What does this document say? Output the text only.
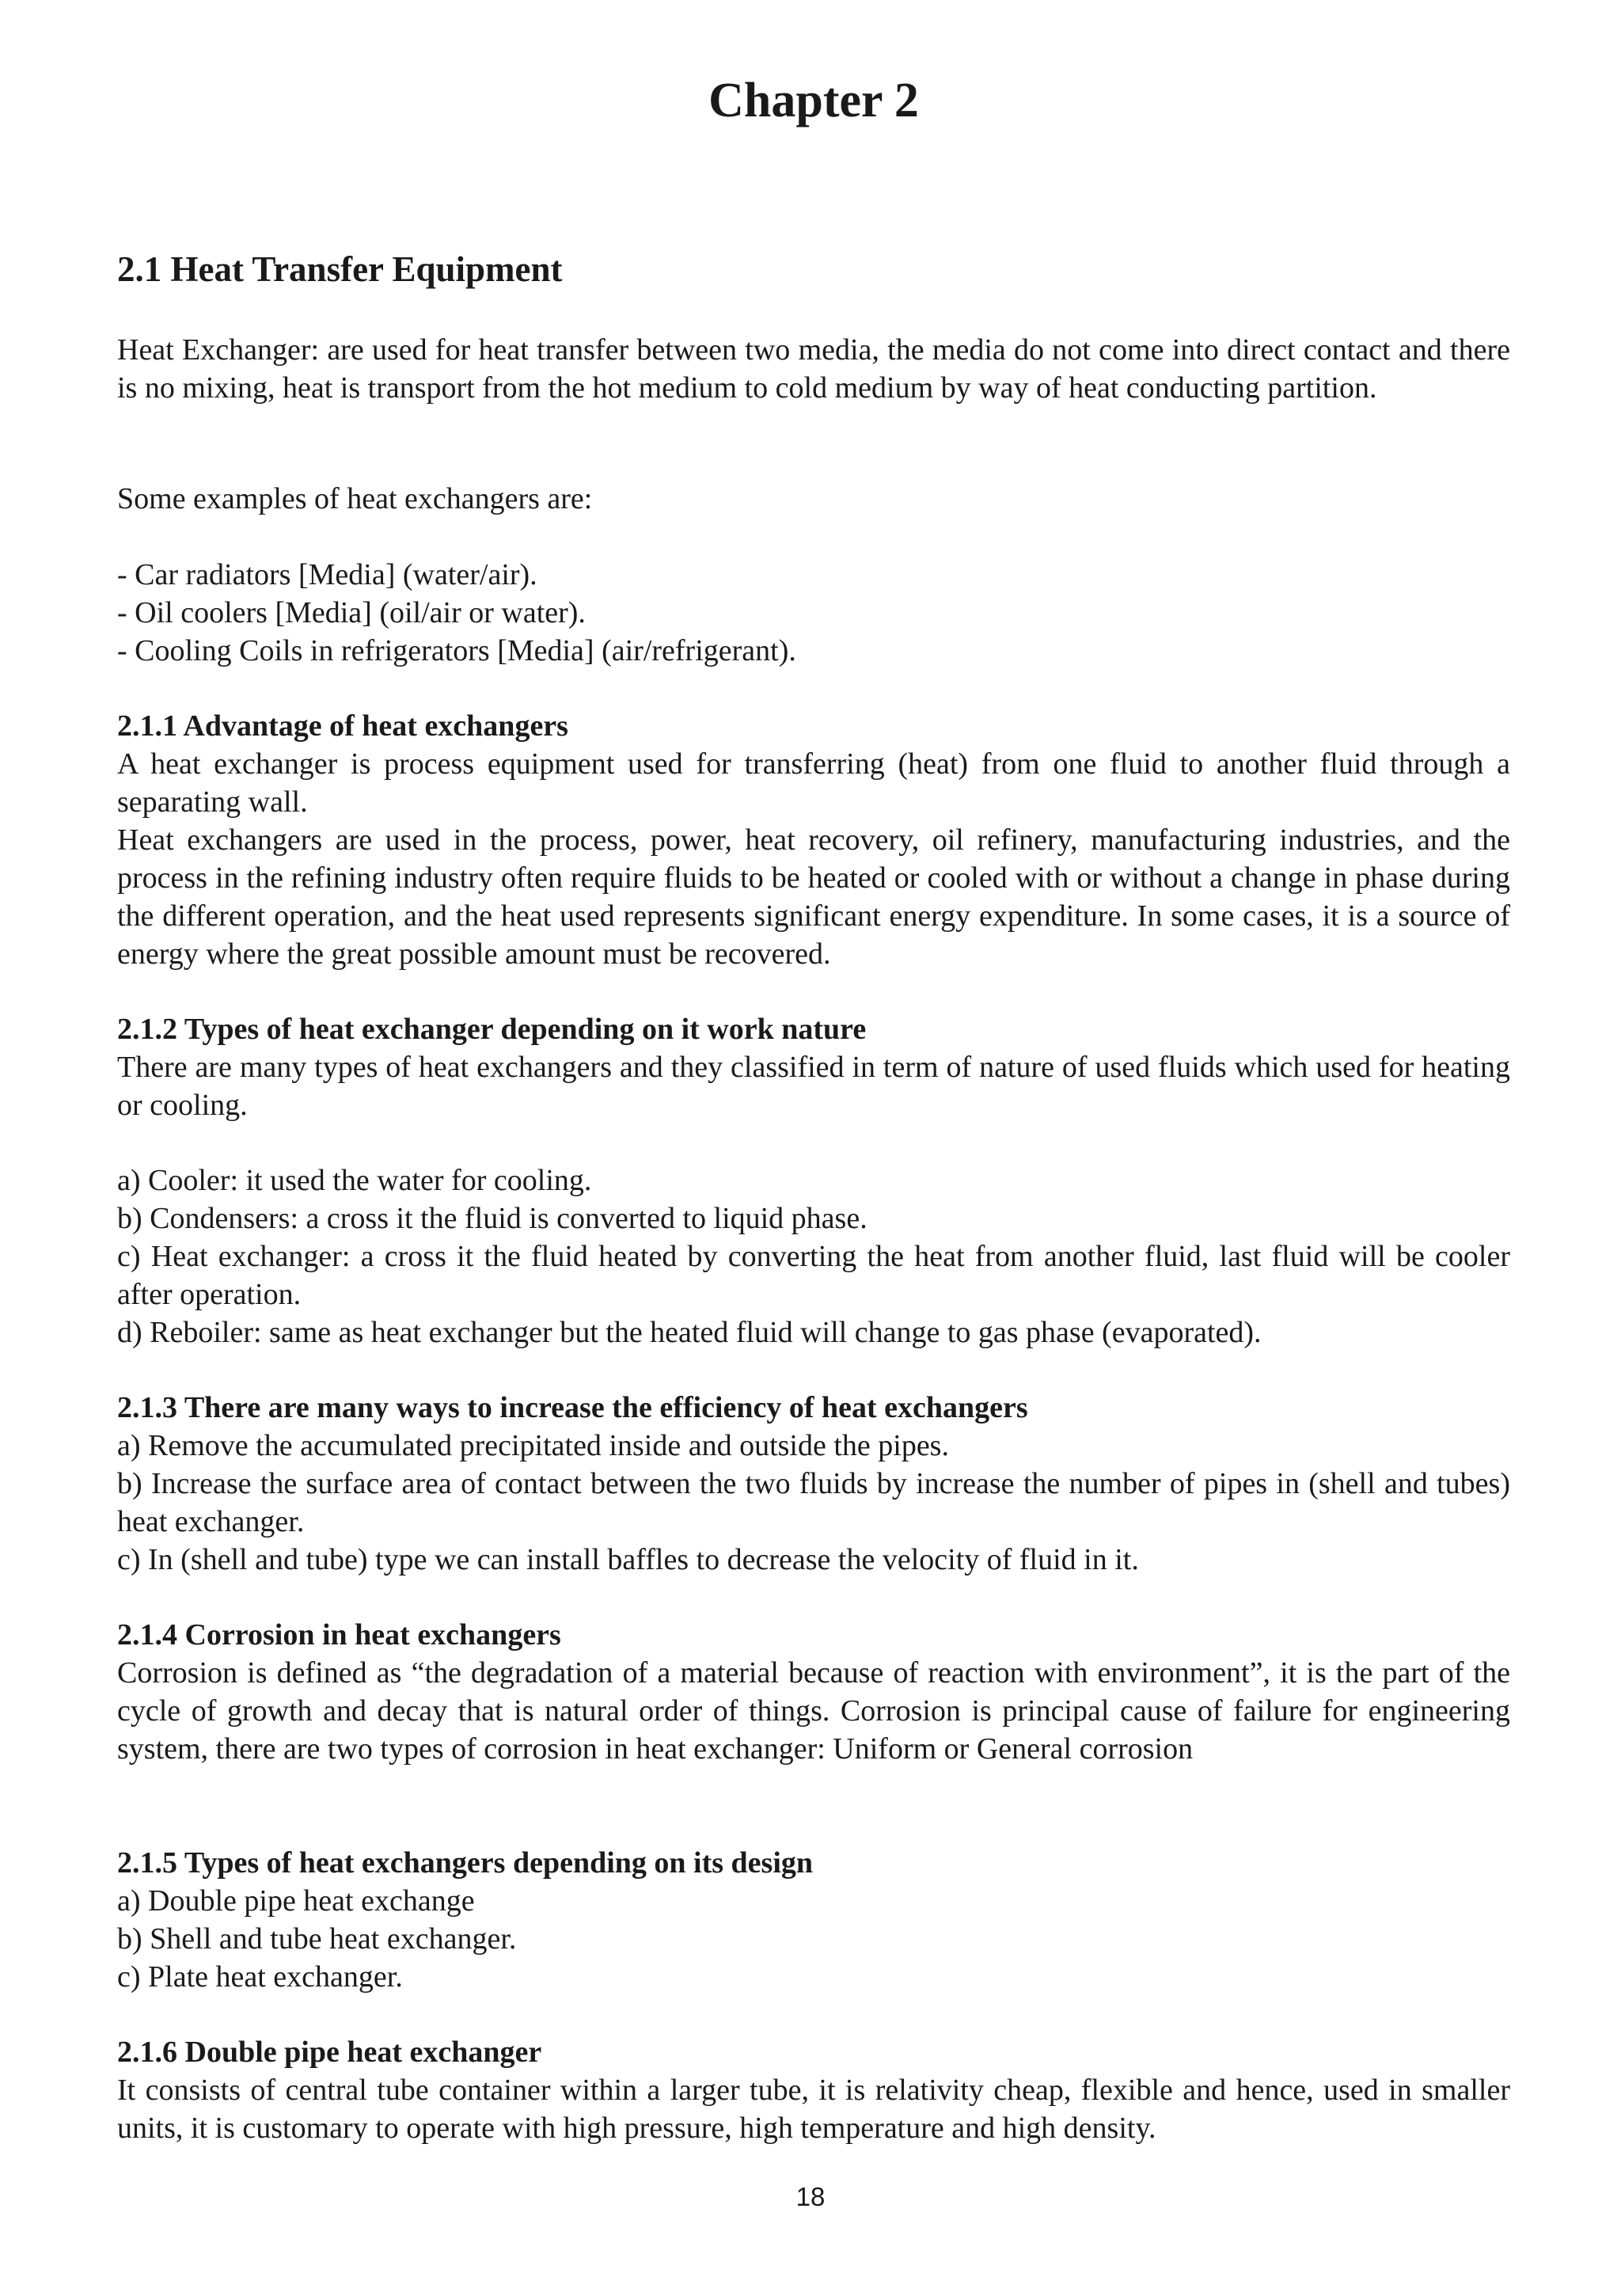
Chapter 2
2.1 Heat Transfer Equipment

Heat Exchanger: are used for heat transfer between two media, the media do not come into direct contact and there is no mixing, heat is transport from the hot medium to cold medium by way of heat conducting partition.

Some examples of heat exchangers are:

- Car radiators [Media] (water/air).
- Oil coolers [Media] (oil/air or water).
- Cooling Coils in refrigerators [Media] (air/refrigerant).
2.1.1 Advantage of heat exchangers
A heat exchanger is process equipment used for transferring (heat) from one fluid to another fluid through a separating wall.
Heat exchangers are used in the process, power, heat recovery, oil refinery, manufacturing industries, and the process in the refining industry often require fluids to be heated or cooled with or without a change in phase during the different operation, and the heat used represents significant energy expenditure. In some cases, it is a source of energy where the great possible amount must be recovered.
2.1.2 Types of heat exchanger depending on it work nature
There are many types of heat exchangers and they classified in term of nature of used fluids which used for heating or cooling.
a) Cooler: it used the water for cooling.
b) Condensers: a cross it the fluid is converted to liquid phase.
c) Heat exchanger: a cross it the fluid heated by converting the heat from another fluid, last fluid will be cooler after operation.
d) Reboiler: same as heat exchanger but the heated fluid will change to gas phase (evaporated).
2.1.3 There are many ways to increase the efficiency of heat exchangers
a) Remove the accumulated precipitated inside and outside the pipes.
b) Increase the surface area of contact between the two fluids by increase the number of pipes in (shell and tubes) heat exchanger.
c) In (shell and tube) type we can install baffles to decrease the velocity of fluid in it.
2.1.4 Corrosion in heat exchangers
Corrosion is defined as “the degradation of a material because of reaction with environment”, it is the part of the cycle of growth and decay that is natural order of things. Corrosion is principal cause of failure for engineering system, there are two types of corrosion in heat exchanger: Uniform or General corrosion
2.1.5 Types of heat exchangers depending on its design
a) Double pipe heat exchange
b) Shell and tube heat exchanger.
c) Plate heat exchanger.
2.1.6 Double pipe heat exchanger
It consists of central tube container within a larger tube, it is relativity cheap, flexible and hence, used in smaller units, it is customary to operate with high pressure, high temperature and high density.
18
